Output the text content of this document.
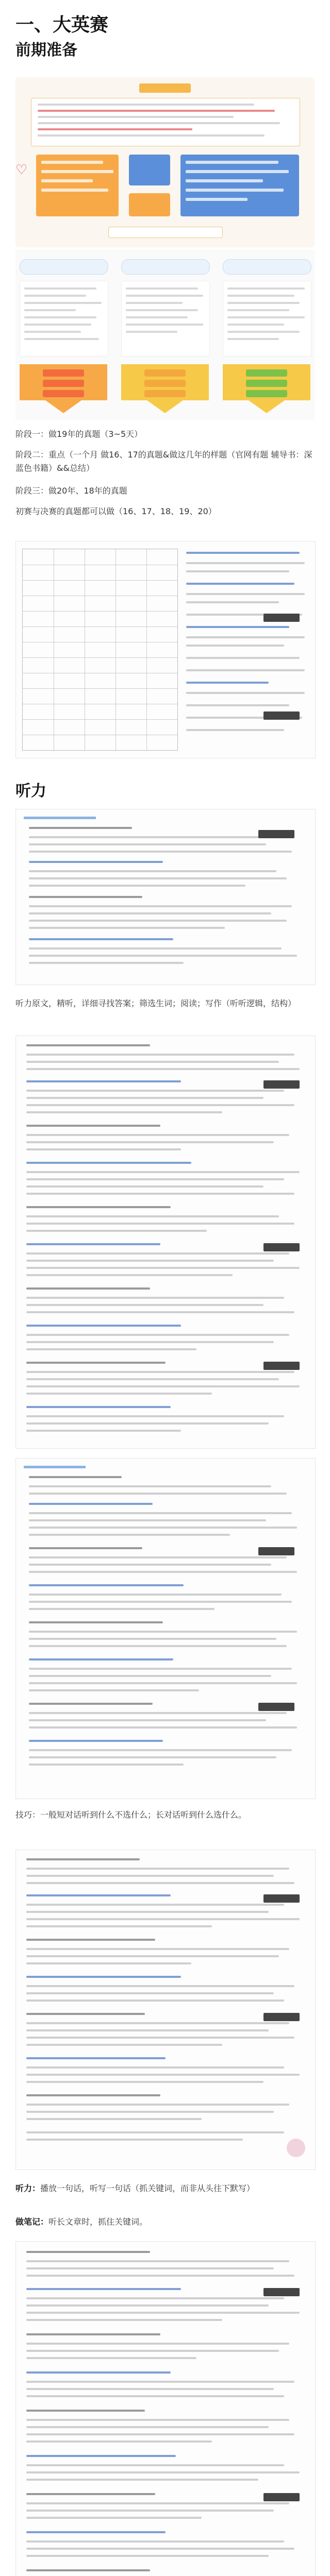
一、大英赛
前期准备
♡
阶段一：做19年的真题（3~5天）
阶段二：重点（一个月 做16、17的真题&做这几年的样题（官网有题 辅导书：深蓝色书籍）&&总结）
阶段三：做20年、18年的真题
初赛与决赛的真题都可以做（16、17、18、19、20）
听力
听力原文，精听，详细寻找答案；筛选生词；阅读；写作（听听逻辑，结构）
技巧：一般短对话听到什么不选什么；长对话听到什么选什么。
听力：播放一句话，听写一句话（抓关键词，而非从头往下默写）
做笔记：听长文章时，抓住关键词。
